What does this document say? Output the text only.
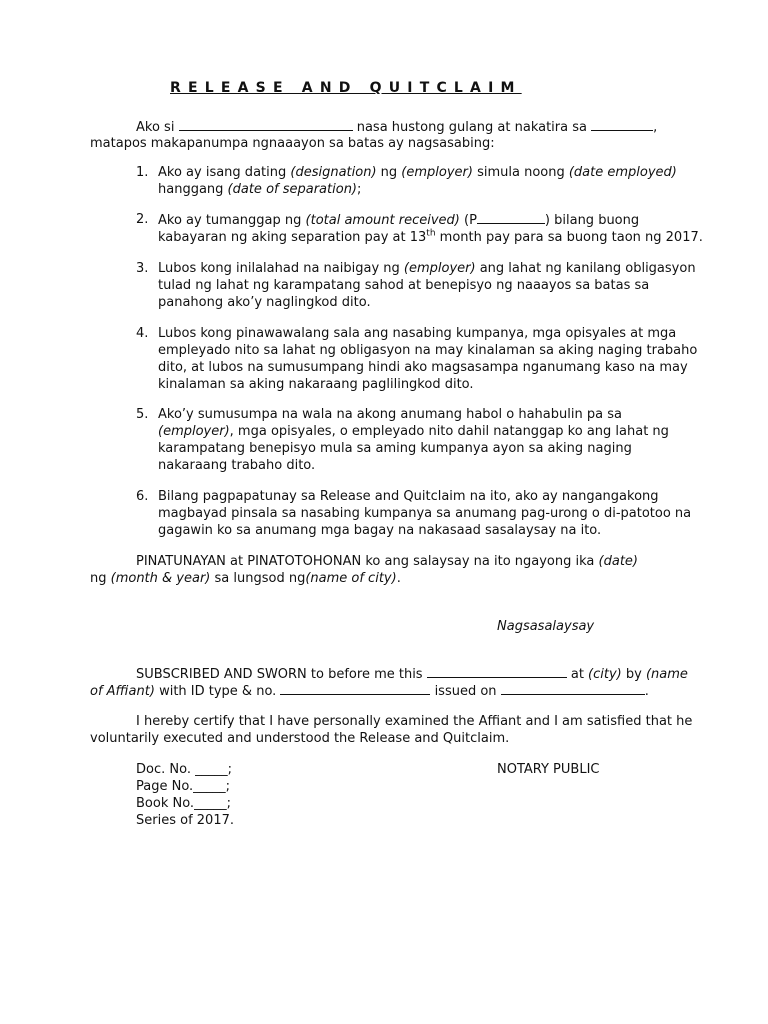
RELEASE AND QUITCLAIM
Ako si	nasa hustong gulang at nakatira sa	,
matapos makapanumpa ngnaaayon sa batas ay nagsasabing:
1. Ako ay isang dating (designation) ng (employer) simula noong (date employed)
hanggang (date of separation);
2. Ako ay tumanggap ng (total amount received) (P	) bilang buong
kabayaran ng aking separation pay at 13th month pay para sa buong taon ng 2017.
3. Lubos kong inilalahad na naibigay ng (employer) ang lahat ng kanilang obligasyon
tulad ng lahat ng karampatang sahod at benepisyo ng naaayos sa batas sa
panahong ako’y naglingkod dito.
4. Lubos kong pinawawalang sala ang nasabing kumpanya, mga opisyales at mga
empleyado nito sa lahat ng obligasyon na may kinalaman sa aking naging trabaho
dito, at lubos na sumusumpang hindi ako magsasampa nganumang kaso na may
kinalaman sa aking nakaraang paglilingkod dito.
5. Ako’y sumusumpa na wala na akong anumang habol o hahabulin pa sa
(employer), mga opisyales, o empleyado nito dahil natanggap ko ang lahat ng
karampatang benepisyo mula sa aming kumpanya ayon sa aking naging
nakaraang trabaho dito.
6. Bilang pagpapatunay sa Release and Quitclaim na ito, ako ay nangangakong
magbayad pinsala sa nasabing kumpanya sa anumang pag-urong o di-patotoo na
gagawin ko sa anumang mga bagay na nakasaad sasalaysay na ito.
PINATUNAYAN at PINATOTOHONAN ko ang salaysay na ito ngayong ika (date)
ng (month & year) sa lungsod ng(name of city).
Nagsasalaysay
SUBSCRIBED AND SWORN to before me this	at (city) by (name
of Affiant) with ID type & no.	issued on	.
I hereby certify that I have personally examined the Affiant and I am satisfied that he
voluntarily executed and understood the Release and Quitclaim.
Doc. No. _____;
Page No._____;
Book No._____;
Series of 2017.
NOTARY PUBLIC
